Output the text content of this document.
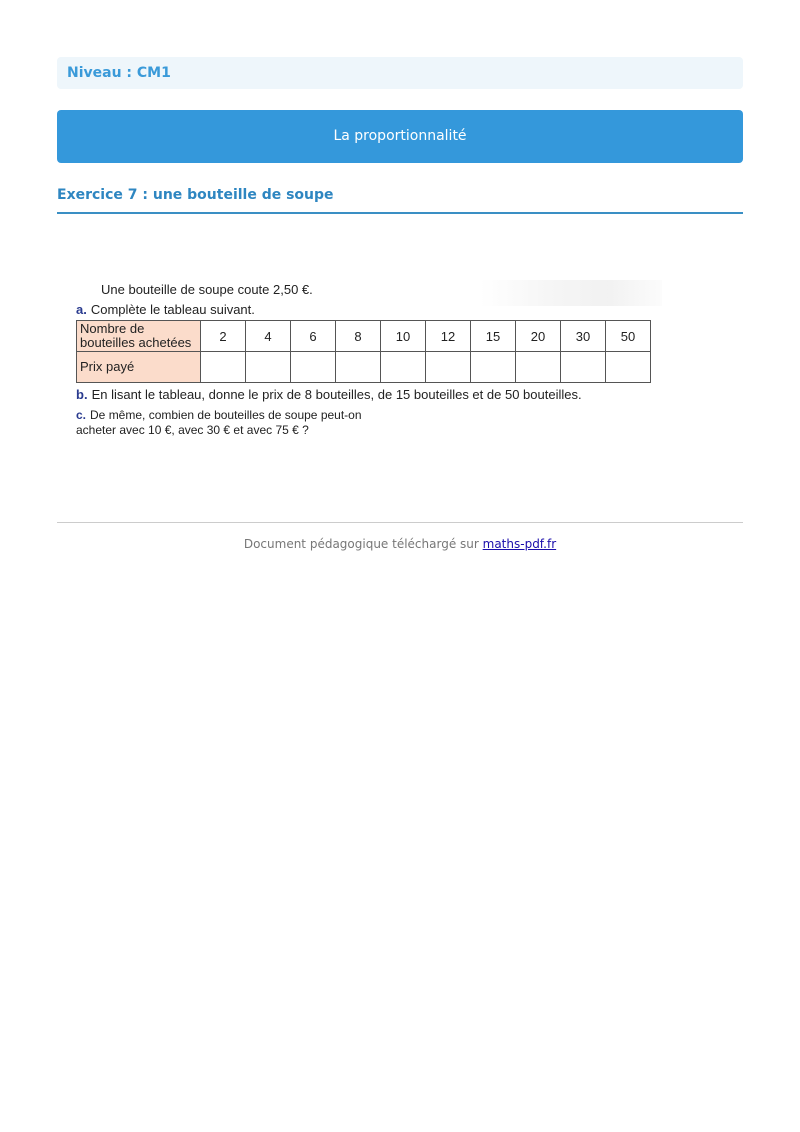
Niveau : CM1
La proportionnalité
Exercice 7 : une bouteille de soupe
Une bouteille de soupe coute 2,50 €.
a. Complète le tableau suivant.
Nombre de
bouteilles achetées	2	4	6	8	10	12	15	20	30	50
Prix payé										
b. En lisant le tableau, donne le prix de 8 bouteilles, de 15 bouteilles et de 50 bouteilles.
c. De même, combien de bouteilles de soupe peut-on
acheter avec 10 €, avec 30 € et avec 75 € ?
Document pédagogique téléchargé sur maths-pdf.fr
